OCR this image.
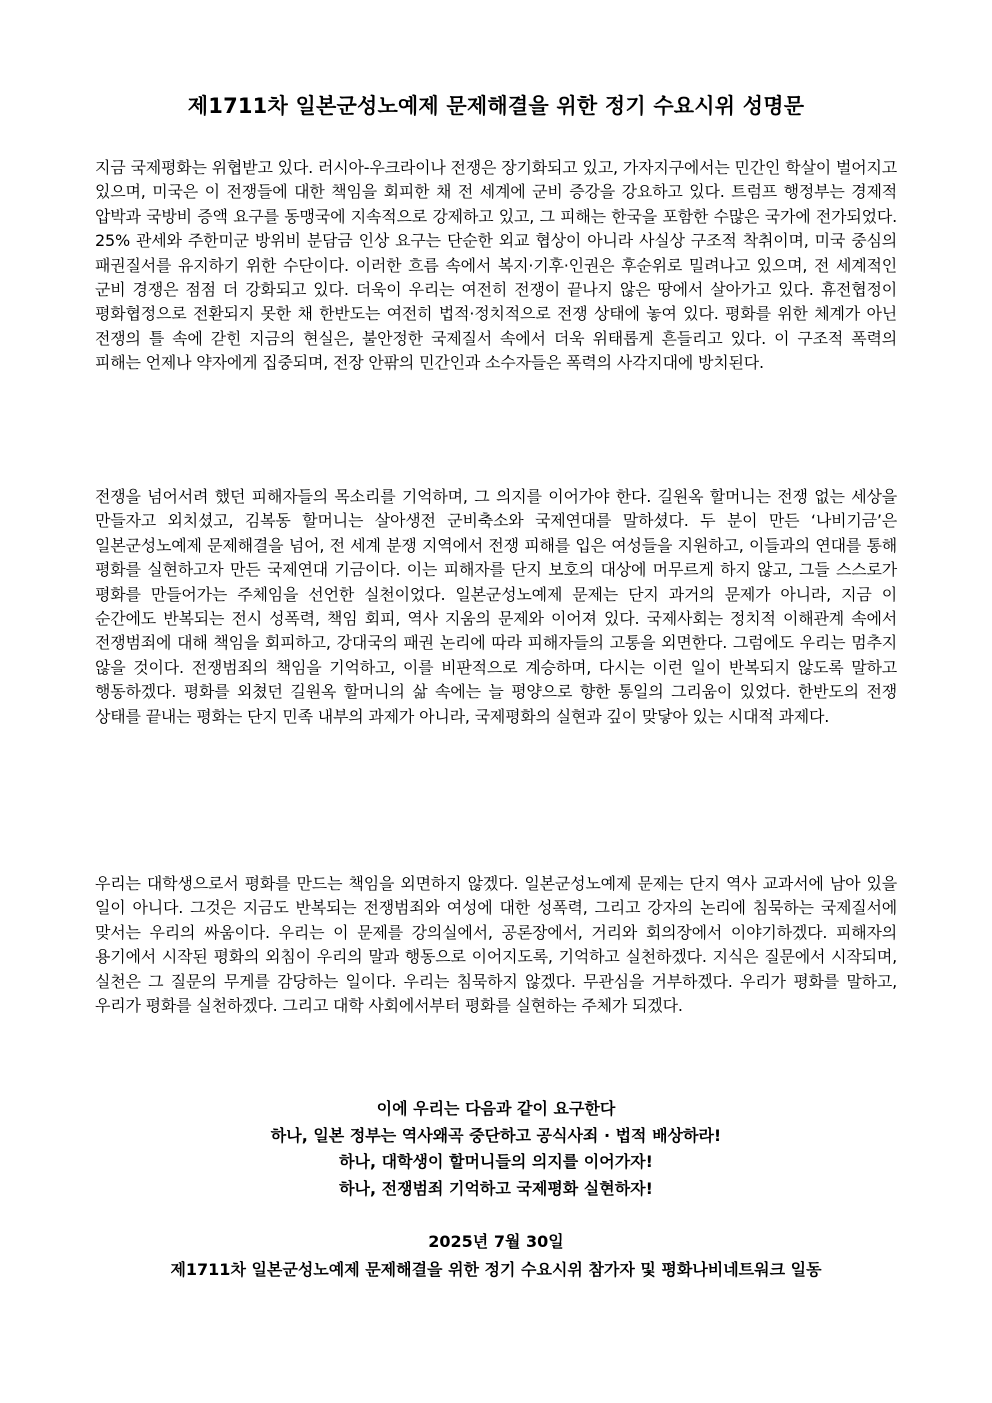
제1711차 일본군성노예제 문제해결을 위한 정기 수요시위 성명문
지금 국제평화는 위협받고 있다. 러시아-우크라이나 전쟁은 장기화되고 있고, 가자지구에서는 민간인 학살이 벌어지고 있으며, 미국은 이 전쟁들에 대한 책임을 회피한 채 전 세계에 군비 증강을 강요하고 있다. 트럼프 행정부는 경제적 압박과 국방비 증액 요구를 동맹국에 지속적으로 강제하고 있고, 그 피해는 한국을 포함한 수많은 국가에 전가되었다. 25% 관세와 주한미군 방위비 분담금 인상 요구는 단순한 외교 협상이 아니라 사실상 구조적 착취이며, 미국 중심의 패권질서를 유지하기 위한 수단이다. 이러한 흐름 속에서 복지·기후·인권은 후순위로 밀려나고 있으며, 전 세계적인 군비 경쟁은 점점 더 강화되고 있다. 더욱이 우리는 여전히 전쟁이 끝나지 않은 땅에서 살아가고 있다. 휴전협정이 평화협정으로 전환되지 못한 채 한반도는 여전히 법적·정치적으로 전쟁 상태에 놓여 있다. 평화를 위한 체계가 아닌 전쟁의 틀 속에 갇힌 지금의 현실은, 불안정한 국제질서 속에서 더욱 위태롭게 흔들리고 있다. 이 구조적 폭력의 피해는 언제나 약자에게 집중되며, 전장 안팎의 민간인과 소수자들은 폭력의 사각지대에 방치된다.
전쟁을 넘어서려 했던 피해자들의 목소리를 기억하며, 그 의지를 이어가야 한다. 길원옥 할머니는 전쟁 없는 세상을 만들자고 외치셨고, 김복동 할머니는 살아생전 군비축소와 국제연대를 말하셨다. 두 분이 만든 ‘나비기금’은 일본군성노예제 문제해결을 넘어, 전 세계 분쟁 지역에서 전쟁 피해를 입은 여성들을 지원하고, 이들과의 연대를 통해 평화를 실현하고자 만든 국제연대 기금이다. 이는 피해자를 단지 보호의 대상에 머무르게 하지 않고, 그들 스스로가 평화를 만들어가는 주체임을 선언한 실천이었다. 일본군성노예제 문제는 단지 과거의 문제가 아니라, 지금 이 순간에도 반복되는 전시 성폭력, 책임 회피, 역사 지움의 문제와 이어져 있다. 국제사회는 정치적 이해관계 속에서 전쟁범죄에 대해 책임을 회피하고, 강대국의 패권 논리에 따라 피해자들의 고통을 외면한다. 그럼에도 우리는 멈추지 않을 것이다. 전쟁범죄의 책임을 기억하고, 이를 비판적으로 계승하며, 다시는 이런 일이 반복되지 않도록 말하고 행동하겠다. 평화를 외쳤던 길원옥 할머니의 삶 속에는 늘 평양으로 향한 통일의 그리움이 있었다. 한반도의 전쟁 상태를 끝내는 평화는 단지 민족 내부의 과제가 아니라, 국제평화의 실현과 깊이 맞닿아 있는 시대적 과제다.
우리는 대학생으로서 평화를 만드는 책임을 외면하지 않겠다. 일본군성노예제 문제는 단지 역사 교과서에 남아 있을 일이 아니다. 그것은 지금도 반복되는 전쟁범죄와 여성에 대한 성폭력, 그리고 강자의 논리에 침묵하는 국제질서에 맞서는 우리의 싸움이다. 우리는 이 문제를 강의실에서, 공론장에서, 거리와 회의장에서 이야기하겠다. 피해자의 용기에서 시작된 평화의 외침이 우리의 말과 행동으로 이어지도록, 기억하고 실천하겠다. 지식은 질문에서 시작되며, 실천은 그 질문의 무게를 감당하는 일이다. 우리는 침묵하지 않겠다. 무관심을 거부하겠다. 우리가 평화를 말하고, 우리가 평화를 실천하겠다. 그리고 대학 사회에서부터 평화를 실현하는 주체가 되겠다.
이에 우리는 다음과 같이 요구한다
하나, 일본 정부는 역사왜곡 중단하고 공식사죄 · 법적 배상하라!
하나, 대학생이 할머니들의 의지를 이어가자!
하나, 전쟁범죄 기억하고 국제평화 실현하자!
2025년 7월 30일
제1711차 일본군성노예제 문제해결을 위한 정기 수요시위 참가자 및 평화나비네트워크 일동
